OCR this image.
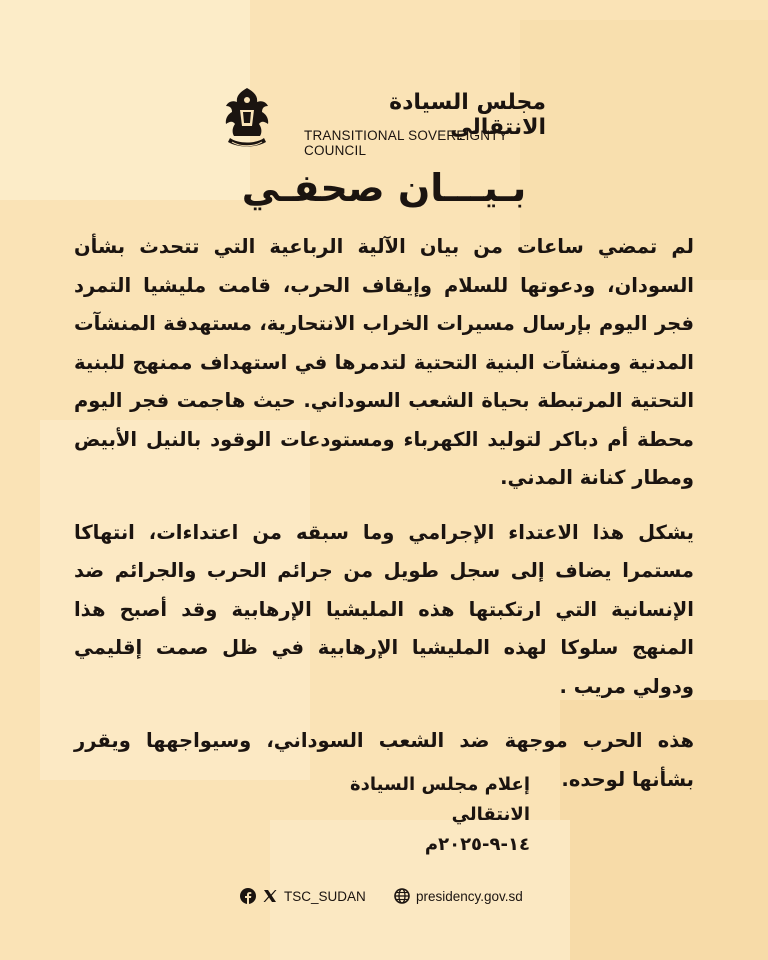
مجلس السيادة الانتقالي
TRANSITIONAL SOVEREIGNTY COUNCIL
بـيـــان صحفـي

لم تمضي ساعات من بيان الآلية الرباعية التي تتحدث بشأن السودان، ودعوتها للسلام وإيقاف الحرب، قامت مليشيا التمرد فجر اليوم بإرسال مسيرات الخراب الانتحارية، مستهدفة المنشآت المدنية ومنشآت البنية التحتية لتدمرها في استهداف ممنهج للبنية التحتية المرتبطة بحياة الشعب السوداني. حيث هاجمت فجر اليوم محطة أم دباكر لتوليد الكهرباء ومستودعات الوقود بالنيل الأبيض ومطار كنانة المدني.

يشكل هذا الاعتداء الإجرامي وما سبقه من اعتداءات، انتهاكا مستمرا يضاف إلى سجل طويل من جرائم الحرب والجرائم ضد الإنسانية التي ارتكبتها هذه المليشيا الإرهابية وقد أصبح هذا المنهج سلوكا لهذه المليشيا الإرهابية في ظل صمت إقليمي ودولي مريب .

هذه الحرب موجهة ضد الشعب السوداني، وسيواجهها ويقرر بشأنها لوحده.

إعلام مجلس السيادة الانتقالي
١٤-٩-٢٠٢٥م
TSC_SUDAN	presidency.gov.sd
